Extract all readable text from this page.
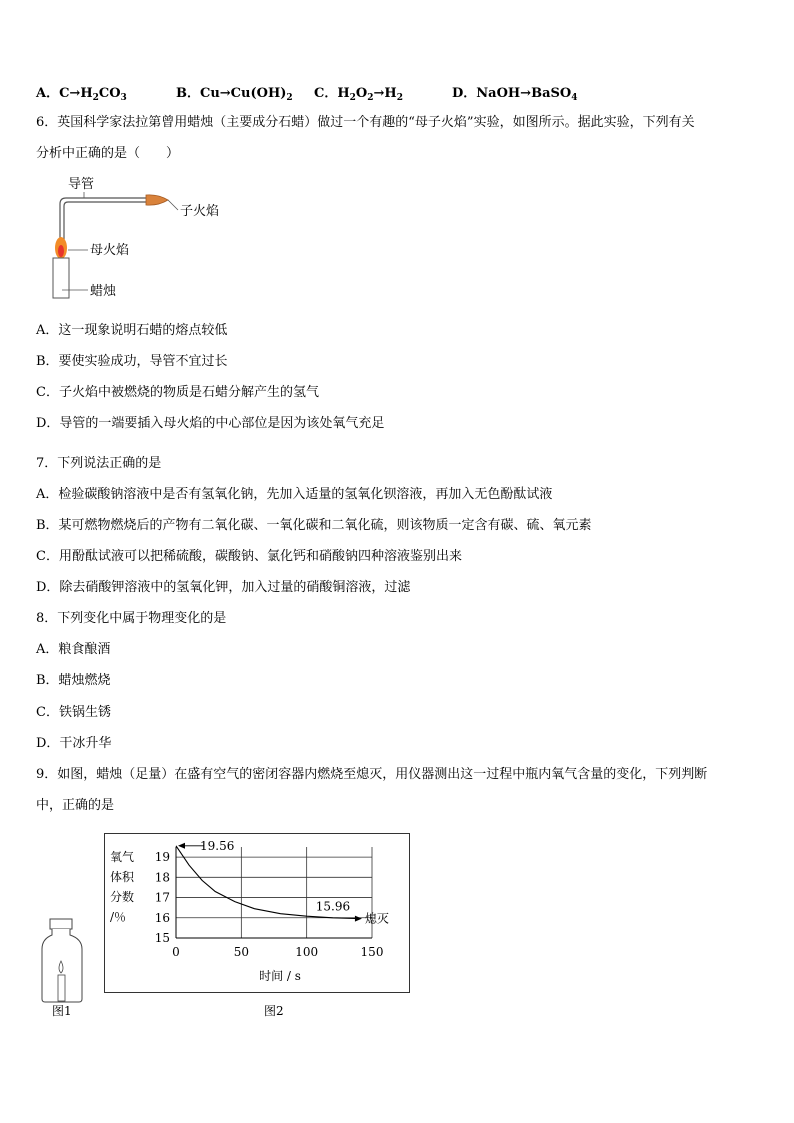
A．$C\to H_2CO_3$	B．$Cu\to Cu(OH)_2$ C．$H_2O_2\to H_2$	D．NaOH→BaSO$_4$
6．英国科学家法拉第曾用蜡烛（主要成分石蜡）做过一个有趣的“母子火焰”实验，如图所示。据此实验，下列有关
分析中正确的是（　　）
导管
子火焰
母火焰
蜡烛
A．这一现象说明石蜡的熔点较低
B．要使实验成功，导管不宜过长
C．子火焰中被燃烧的物质是石蜡分解产生的氢气
D．导管的一端要插入母火焰的中心部位是因为该处氧气充足
7．下列说法正确的是
A．检验碳酸钠溶液中是否有氢氧化钠，先加入适量的氢氧化钡溶液，再加入无色酚酞试液
B．某可燃物燃烧后的产物有二氧化碳、一氧化碳和二氧化硫，则该物质一定含有碳、硫、氧元素
C．用酚酞试液可以把稀硫酸，碳酸钠、氯化钙和硝酸钠四种溶液鉴别出来
D．除去硝酸钾溶液中的氢氧化钾，加入过量的硝酸铜溶液，过滤
8．下列变化中属于物理变化的是
A．粮食酿酒
B．蜡烛燃烧
C．铁锅生锈
D．干冰升华
9．如图，蜡烛（足量）在盛有空气的密闭容器内燃烧至熄灭，用仪器测出这一过程中瓶内氧气含量的变化，下列判断
中，正确的是
图1
15
16
17
18
19
0	50	100	150
氧气
体积
分数
/％
时间 / s
19.56
15.96
熄灭
图2
